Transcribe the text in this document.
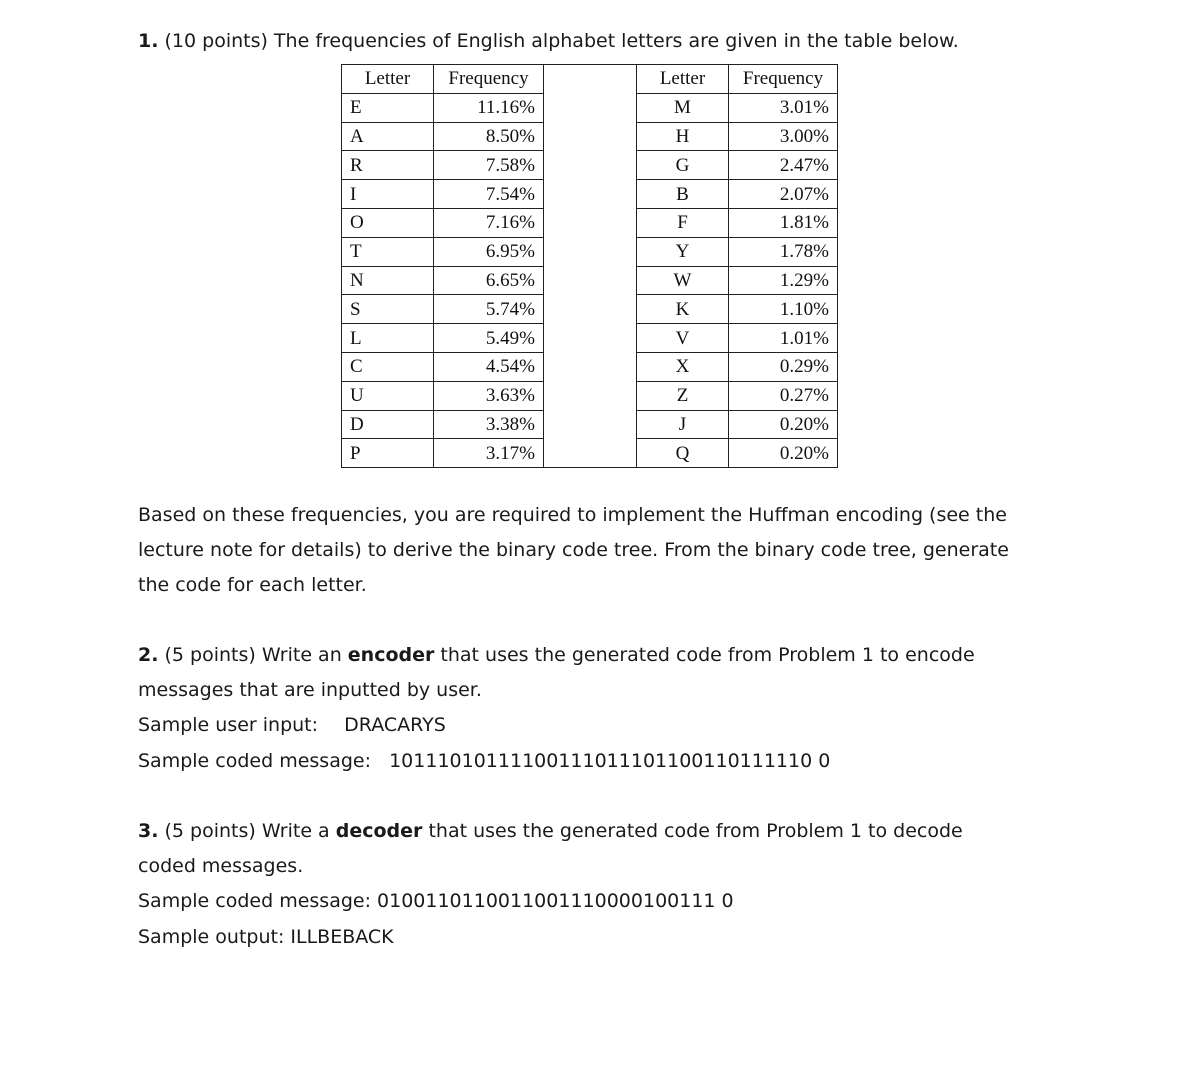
1. (10 points) The frequencies of English alphabet letters are given in the table below.

Letter	Frequency
E	11.16%
A	8.50%
R	7.58%
I	7.54%
O	7.16%
T	6.95%
N	6.65%
S	5.74%
L	5.49%
C	4.54%
U	3.63%
D	3.38%
P	3.17%
Letter	Frequency
M	3.01%
H	3.00%
G	2.47%
B	2.07%
F	1.81%
Y	1.78%
W	1.29%
K	1.10%
V	1.01%
X	0.29%
Z	0.27%
J	0.20%
Q	0.20%

Based on these frequencies, you are required to implement the Huffman encoding (see the

lecture note for details) to derive the binary code tree. From the binary code tree, generate

the code for each letter.

2. (5 points) Write an encoder that uses the generated code from Problem 1 to encode

messages that are inputted by user.

Sample user input: DRACARYS

Sample coded message: 10111010111100111011101100110111110 0

3. (5 points) Write a decoder that uses the generated code from Problem 1 to decode

coded messages.

Sample coded message: 0100110110011001110000100111 0

Sample output: ILLBEBACK
